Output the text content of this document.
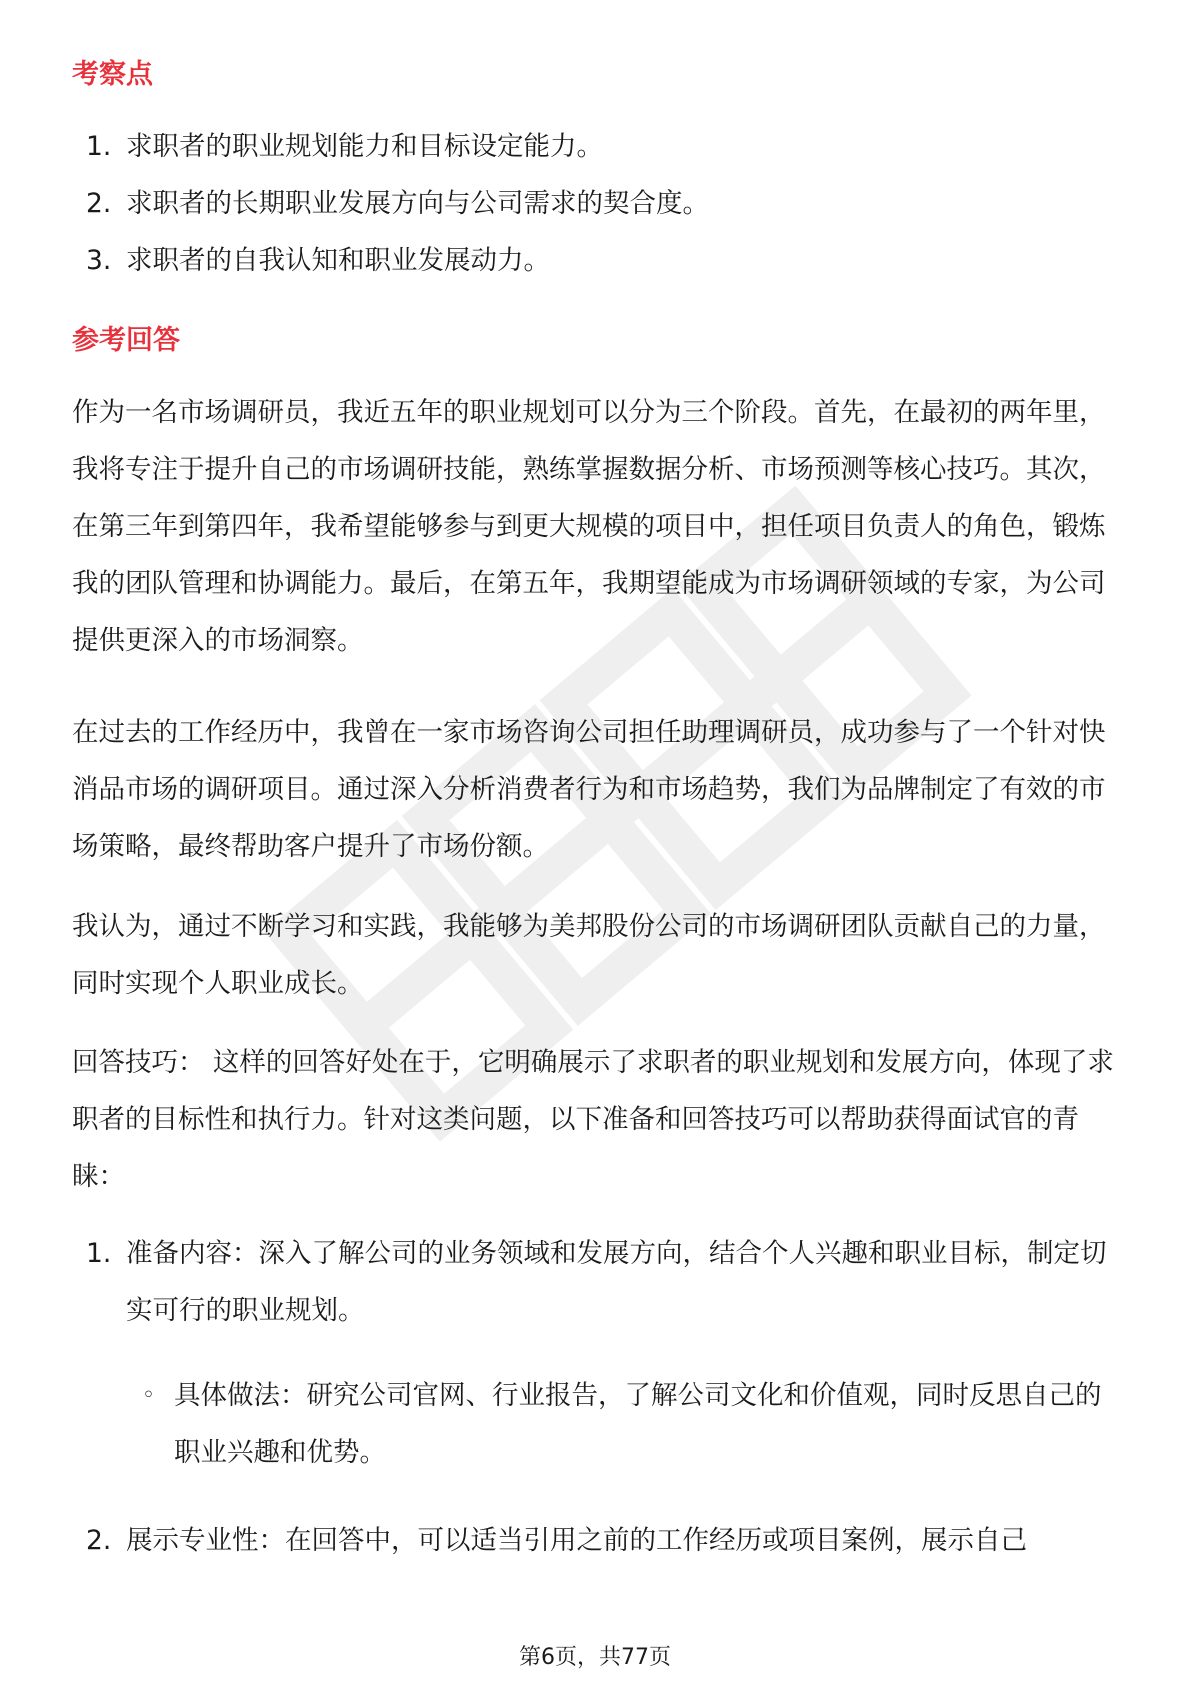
考察点
1. 求职者的职业规划能力和目标设定能力。
2. 求职者的长期职业发展方向与公司需求的契合度。
3. 求职者的自我认知和职业发展动力。
参考回答

作为一名市场调研员，我近五年的职业规划可以分为三个阶段。首先，在最初的两年里，我将专注于提升自己的市场调研技能，熟练掌握数据分析、市场预测等核心技巧。其次，在第三年到第四年，我希望能够参与到更大规模的项目中，担任项目负责人的角色，锻炼我的团队管理和协调能力。最后，在第五年，我期望能成为市场调研领域的专家，为公司提供更深入的市场洞察。

在过去的工作经历中，我曾在一家市场咨询公司担任助理调研员，成功参与了一个针对快消品市场的调研项目。通过深入分析消费者行为和市场趋势，我们为品牌制定了有效的市场策略，最终帮助客户提升了市场份额。

我认为，通过不断学习和实践，我能够为美邦股份公司的市场调研团队贡献自己的力量，同时实现个人职业成长。

回答技巧： 这样的回答好处在于，它明确展示了求职者的职业规划和发展方向，体现了求职者的目标性和执行力。针对这类问题，以下准备和回答技巧可以帮助获得面试官的青睐：

1. 准备内容：深入了解公司的业务领域和发展方向，结合个人兴趣和职业目标，制定切实可行的职业规划。
◦ 具体做法：研究公司官网、行业报告，了解公司文化和价值观，同时反思自己的职业兴趣和优势。
2. 展示专业性：在回答中，可以适当引用之前的工作经历或项目案例，展示自己
第6页，共77页
